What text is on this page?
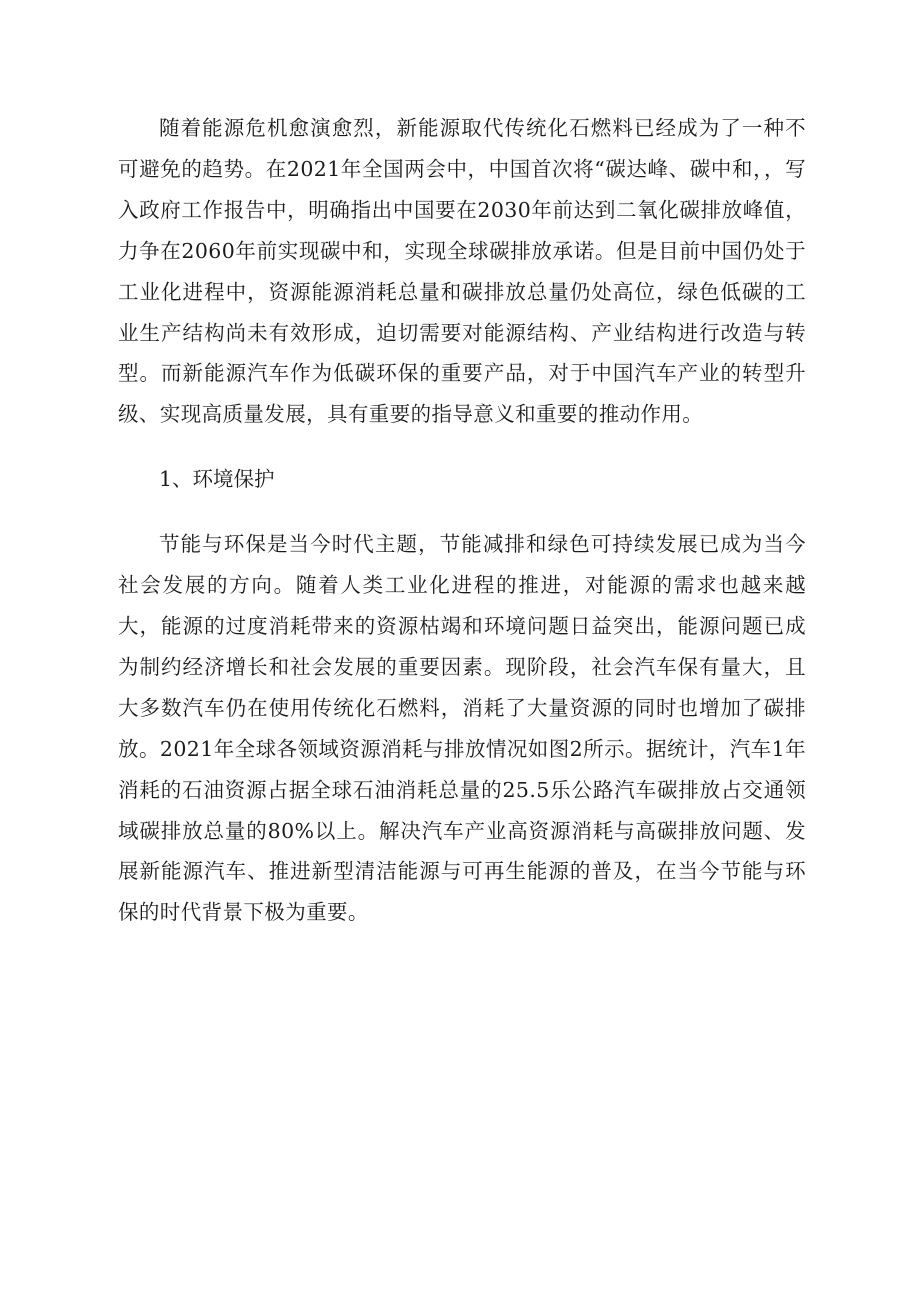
随着能源危机愈演愈烈，新能源取代传统化石燃料已经成为了一种不可避免的趋势。在2021年全国两会中，中国首次将“碳达峰、碳中和，，写入政府工作报告中，明确指出中国要在2030年前达到二氧化碳排放峰值，力争在2060年前实现碳中和，实现全球碳排放承诺。但是目前中国仍处于工业化进程中，资源能源消耗总量和碳排放总量仍处高位，绿色低碳的工业生产结构尚未有效形成，迫切需要对能源结构、产业结构进行改造与转型。而新能源汽车作为低碳环保的重要产品，对于中国汽车产业的转型升级、实现高质量发展，具有重要的指导意义和重要的推动作用。

1、环境保护

节能与环保是当今时代主题，节能减排和绿色可持续发展已成为当今社会发展的方向。随着人类工业化进程的推进，对能源的需求也越来越大，能源的过度消耗带来的资源枯竭和环境问题日益突出，能源问题已成为制约经济增长和社会发展的重要因素。现阶段，社会汽车保有量大，且大多数汽车仍在使用传统化石燃料，消耗了大量资源的同时也增加了碳排放。2021年全球各领域资源消耗与排放情况如图2所示。据统计，汽车1年消耗的石油资源占据全球石油消耗总量的25.5乐公路汽车碳排放占交通领域碳排放总量的80%以上。解决汽车产业高资源消耗与高碳排放问题、发展新能源汽车、推进新型清洁能源与可再生能源的普及，在当今节能与环保的时代背景下极为重要。
